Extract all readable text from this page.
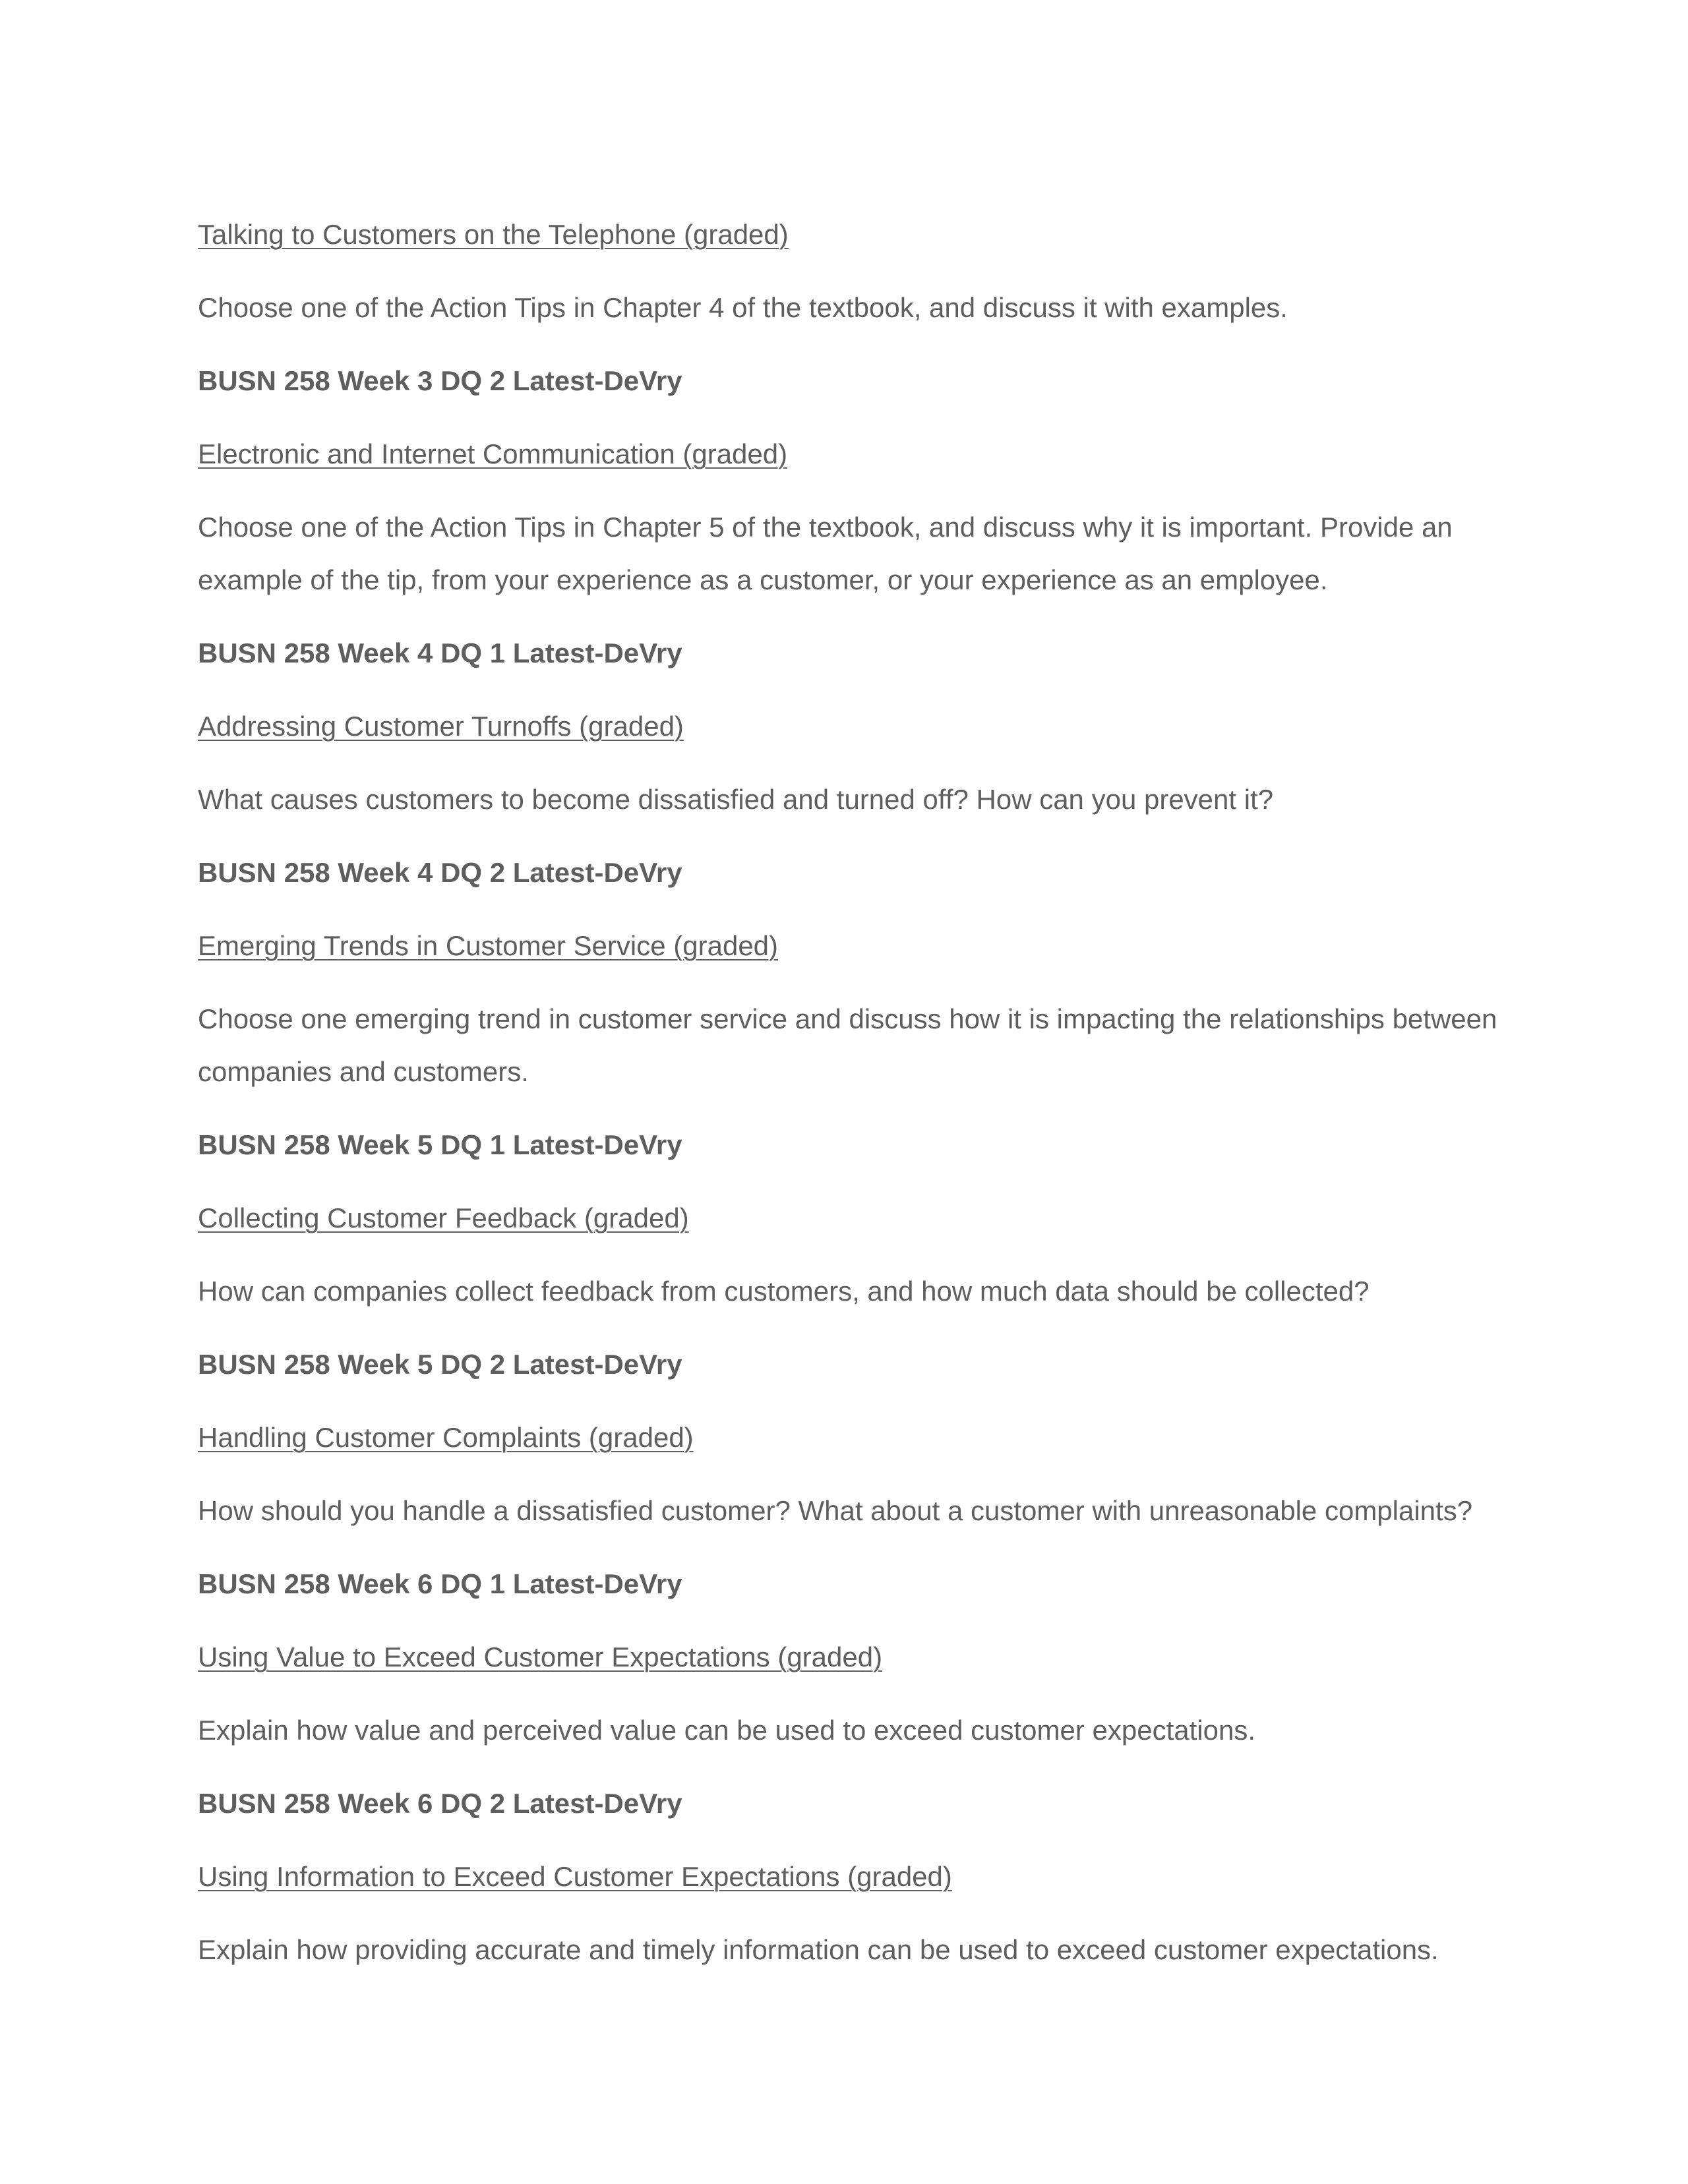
Talking to Customers on the Telephone (graded)

Choose one of the Action Tips in Chapter 4 of the textbook, and discuss it with examples.

BUSN 258 Week 3 DQ 2 Latest-DeVry
Electronic and Internet Communication (graded)

Choose one of the Action Tips in Chapter 5 of the textbook, and discuss why it is important. Provide an example of the tip, from your experience as a customer, or your experience as an employee.

BUSN 258 Week 4 DQ 1 Latest-DeVry
Addressing Customer Turnoffs (graded)

What causes customers to become dissatisfied and turned off? How can you prevent it?

BUSN 258 Week 4 DQ 2 Latest-DeVry
Emerging Trends in Customer Service (graded)

Choose one emerging trend in customer service and discuss how it is impacting the relationships between companies and customers.

BUSN 258 Week 5 DQ 1 Latest-DeVry
Collecting Customer Feedback (graded)

How can companies collect feedback from customers, and how much data should be collected?

BUSN 258 Week 5 DQ 2 Latest-DeVry
Handling Customer Complaints (graded)

How should you handle a dissatisfied customer? What about a customer with unreasonable complaints?

BUSN 258 Week 6 DQ 1 Latest-DeVry
Using Value to Exceed Customer Expectations (graded)

Explain how value and perceived value can be used to exceed customer expectations.

BUSN 258 Week 6 DQ 2 Latest-DeVry
Using Information to Exceed Customer Expectations (graded)

Explain how providing accurate and timely information can be used to exceed customer expectations.
